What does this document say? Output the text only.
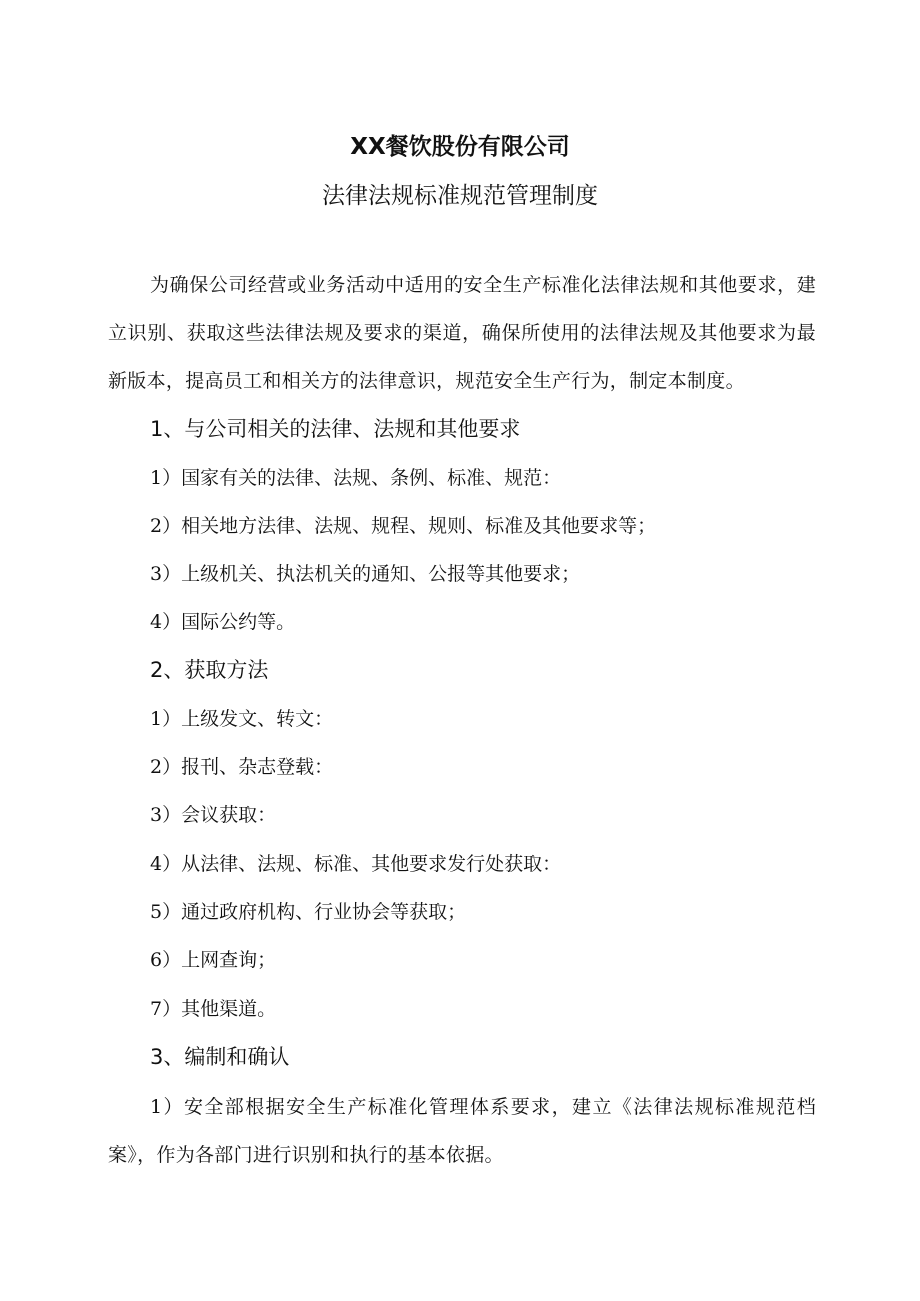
XX餐饮股份有限公司
法律法规标准规范管理制度

为确保公司经营或业务活动中适用的安全生产标准化法律法规和其他要求，建立识别、获取这些法律法规及要求的渠道，确保所使用的法律法规及其他要求为最新版本，提高员工和相关方的法律意识，规范安全生产行为，制定本制度。

1、与公司相关的法律、法规和其他要求

1）国家有关的法律、法规、条例、标准、规范：

2）相关地方法律、法规、规程、规则、标准及其他要求等；

3）上级机关、执法机关的通知、公报等其他要求；

4）国际公约等。

2、获取方法

1）上级发文、转文：

2）报刊、杂志登载：

3）会议获取：

4）从法律、法规、标准、其他要求发行处获取：

5）通过政府机构、行业协会等获取；

6）上网查询；

7）其他渠道。

3、编制和确认

1）安全部根据安全生产标准化管理体系要求，建立《法律法规标准规范档案》，作为各部门进行识别和执行的基本依据。
